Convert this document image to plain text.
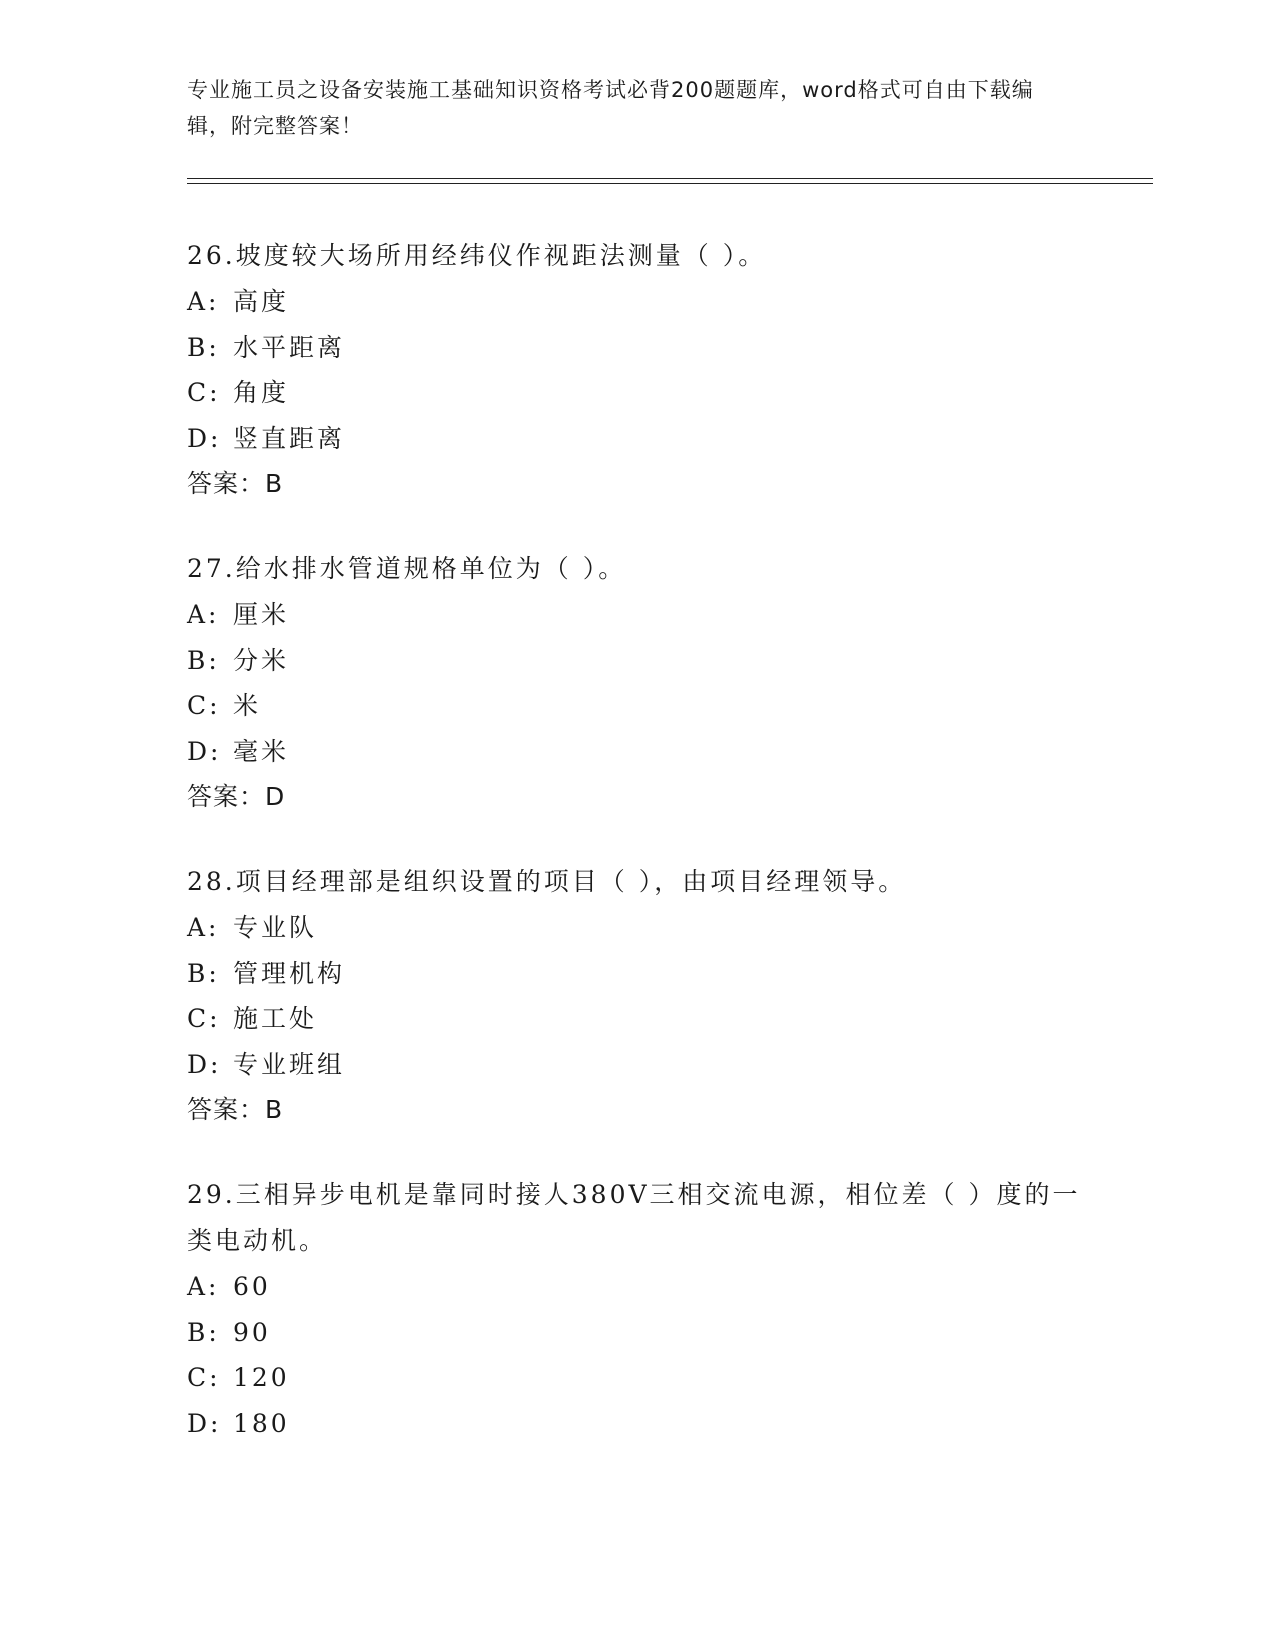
专业施工员之设备安装施工基础知识资格考试必背200题题库，word格式可自由下载编辑，附完整答案！
26.坡度较大场所用经纬仪作视距法测量（ ）。
A: 高度
B: 水平距离
C: 角度
D: 竖直距离
答案：B
27.给水排水管道规格单位为（ ）。
A: 厘米
B: 分米
C: 米
D: 毫米
答案：D
28.项目经理部是组织设置的项目（ ），由项目经理领导。
A: 专业队
B: 管理机构
C: 施工处
D: 专业班组
答案：B
29.三相异步电机是靠同时接人380V三相交流电源，相位差（ ）度的一类电动机。
A: 60
B: 90
C: 120
D: 180
